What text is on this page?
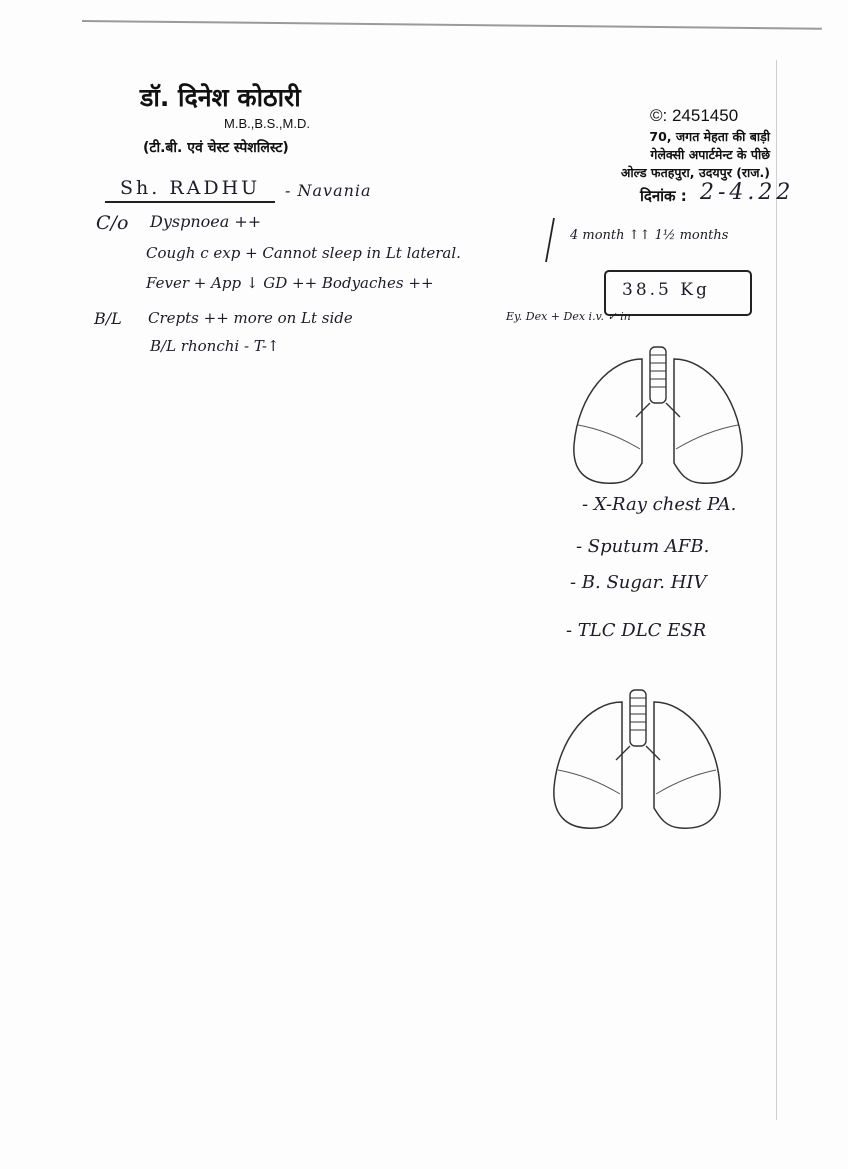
डॉ. दिनेश कोठारी
M.B.,B.S.,M.D.
(टी.बी. एवं चेस्ट स्पेशलिस्ट)
©: 2451450
70, जगत मेहता की बाड़ी
गेलेक्सी अपार्टमेन्ट के पीछे
ओल्ड फतहपुरा, उदयपुर (राज.)
दिनांक : 2-4.22
Sh. RADHU - Navania
C/o Dyspnoea ++
Cough c exp + Cannot sleep in Lt lateral.
Fever + App ↓ GD ++ Bodyaches ++
4 month ↑↑ 1½ months
38.5 Kg
B/L Crepts ++ more on Lt side	Ey. Dex + Dex i.v. ✓ in
B/L rhonchi - T-↑
- X-Ray chest PA.
- Sputum AFB.
- B. Sugar. HIV
- TLC DLC ESR
